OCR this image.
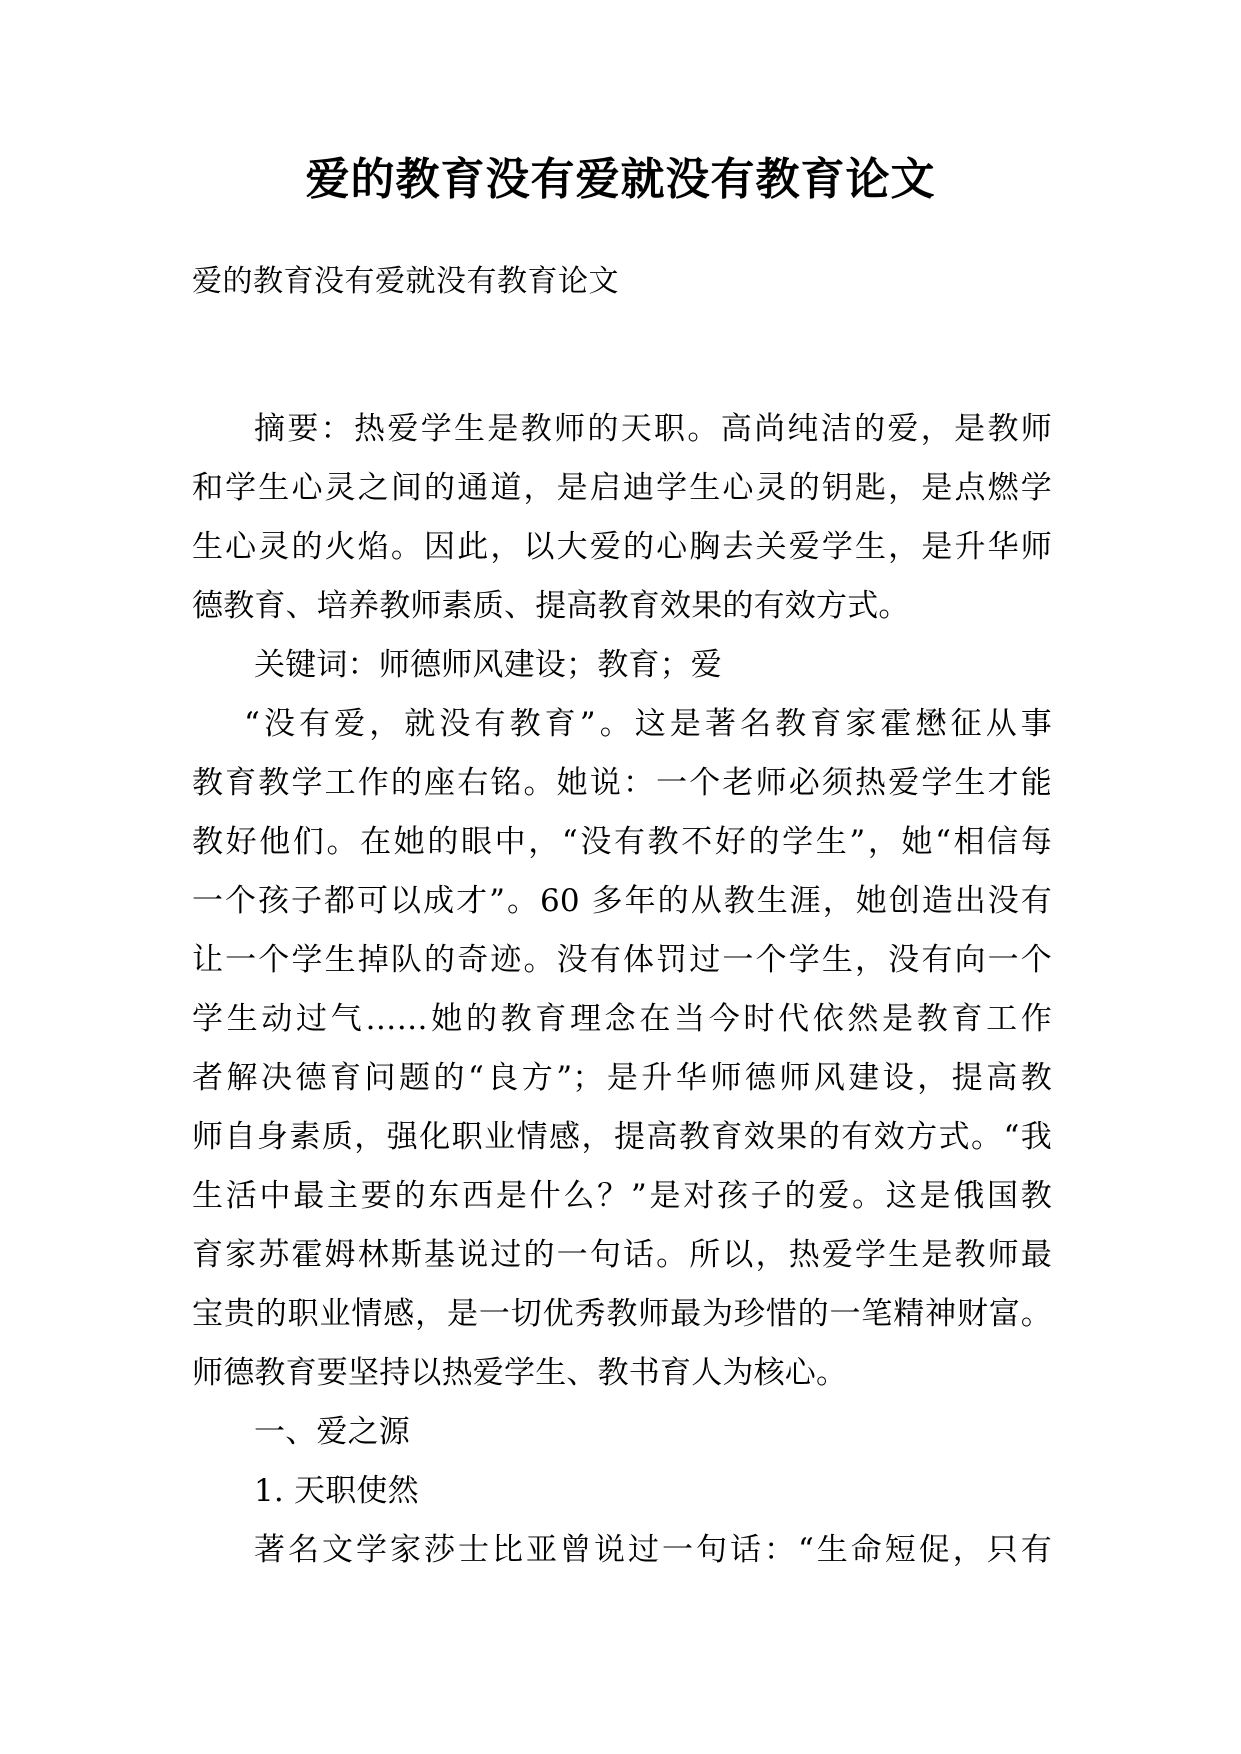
爱的教育没有爱就没有教育论文
爱的教育没有爱就没有教育论文
摘要：热爱学生是教师的天职。高尚纯洁的爱，是教师
和学生心灵之间的通道，是启迪学生心灵的钥匙，是点燃学
生心灵的火焰。因此，以大爱的心胸去关爱学生，是升华师
德教育、培养教师素质、提高教育效果的有效方式。
关键词：师德师风建设；教育；爱
“没有爱，就没有教育”。这是著名教育家霍懋征从事
教育教学工作的座右铭。她说：一个老师必须热爱学生才能
教好他们。在她的眼中，“没有教不好的学生”，她“相信每
一个孩子都可以成才”。60 多年的从教生涯，她创造出没有
让一个学生掉队的奇迹。没有体罚过一个学生，没有向一个
学生动过气……她的教育理念在当今时代依然是教育工作
者解决德育问题的“良方”；是升华师德师风建设，提高教
师自身素质，强化职业情感，提高教育效果的有效方式。“我
生活中最主要的东西是什么？”是对孩子的爱。这是俄国教
育家苏霍姆林斯基说过的一句话。所以，热爱学生是教师最
宝贵的职业情感，是一切优秀教师最为珍惜的一笔精神财富。
师德教育要坚持以热爱学生、教书育人为核心。
一、爱之源
1. 天职使然
著名文学家莎士比亚曾说过一句话：“生命短促，只有
